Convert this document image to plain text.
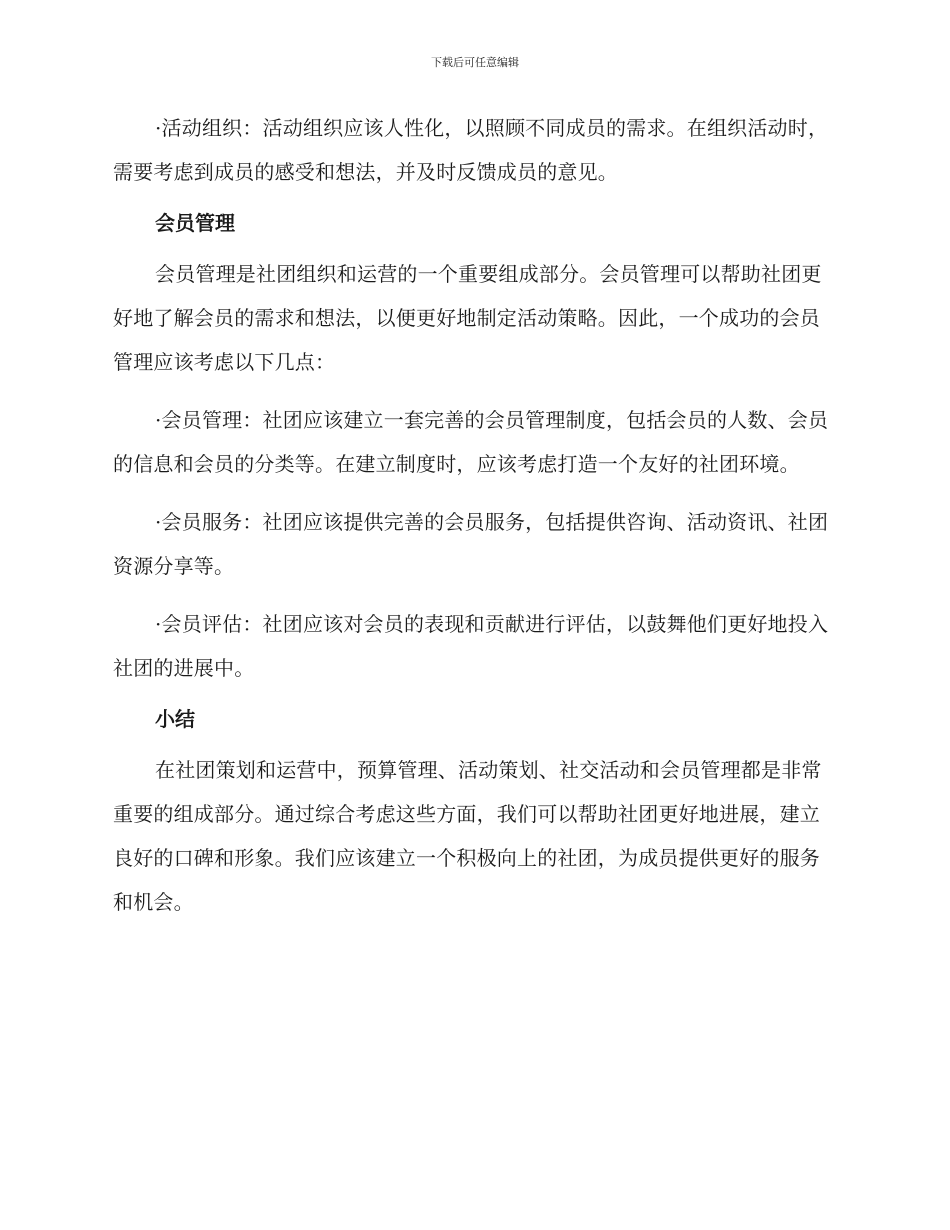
下载后可任意编辑

·活动组织：活动组织应该人性化，以照顾不同成员的需求。在组织活动时，需要考虑到成员的感受和想法，并及时反馈成员的意见。

会员管理

会员管理是社团组织和运营的一个重要组成部分。会员管理可以帮助社团更好地了解会员的需求和想法，以便更好地制定活动策略。因此，一个成功的会员管理应该考虑以下几点：

·会员管理：社团应该建立一套完善的会员管理制度，包括会员的人数、会员的信息和会员的分类等。在建立制度时，应该考虑打造一个友好的社团环境。

·会员服务：社团应该提供完善的会员服务，包括提供咨询、活动资讯、社团资源分享等。

·会员评估：社团应该对会员的表现和贡献进行评估，以鼓舞他们更好地投入社团的进展中。

小结

在社团策划和运营中，预算管理、活动策划、社交活动和会员管理都是非常重要的组成部分。通过综合考虑这些方面，我们可以帮助社团更好地进展，建立良好的口碑和形象。我们应该建立一个积极向上的社团，为成员提供更好的服务和机会。
